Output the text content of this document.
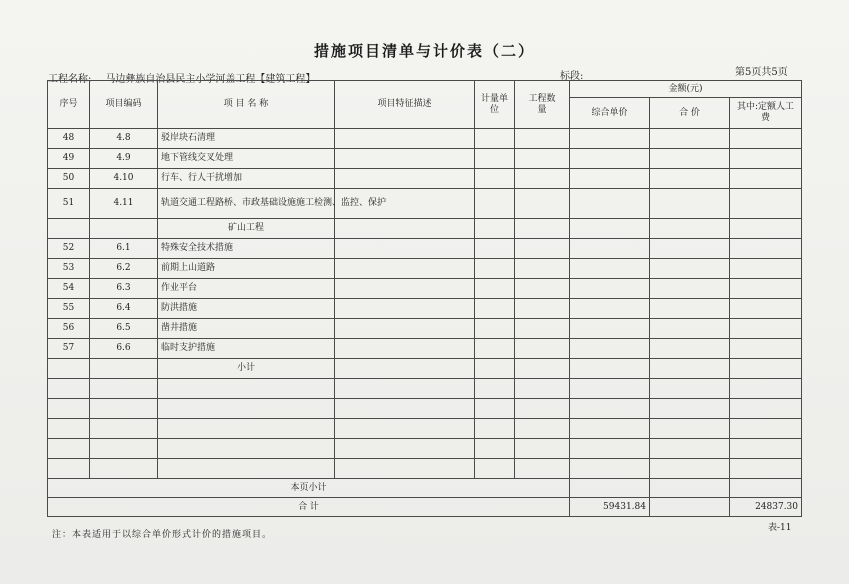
措施项目清单与计价表（二）
工程名称: 马边彝族自治县民主小学河盖工程【建筑工程】	标段:	第5页共5页
序号	项目编码	项 目 名 称	项目特征描述	计量单位	工程数量	金额(元)		
						综合单价	合 价	其中:定额人工费
48	4.8	驳岸块石清理						
49	4.9	地下管线交叉处理						
50	4.10	行车、行人干扰增加						
51	4.11	轨道交通工程路桥、市政基础设施施工检测、监控、保护						
		矿山工程						
52	6.1	特殊安全技术措施						
53	6.2	前期上山道路						
54	6.3	作业平台						
55	6.4	防洪措施						
56	6.5	凿井措施						
57	6.6	临时支护措施						
		小计						

本页小计								
合 计						59431.84		24837.30
注：本表适用于以综合单价形式计价的措施项目。
表-11
